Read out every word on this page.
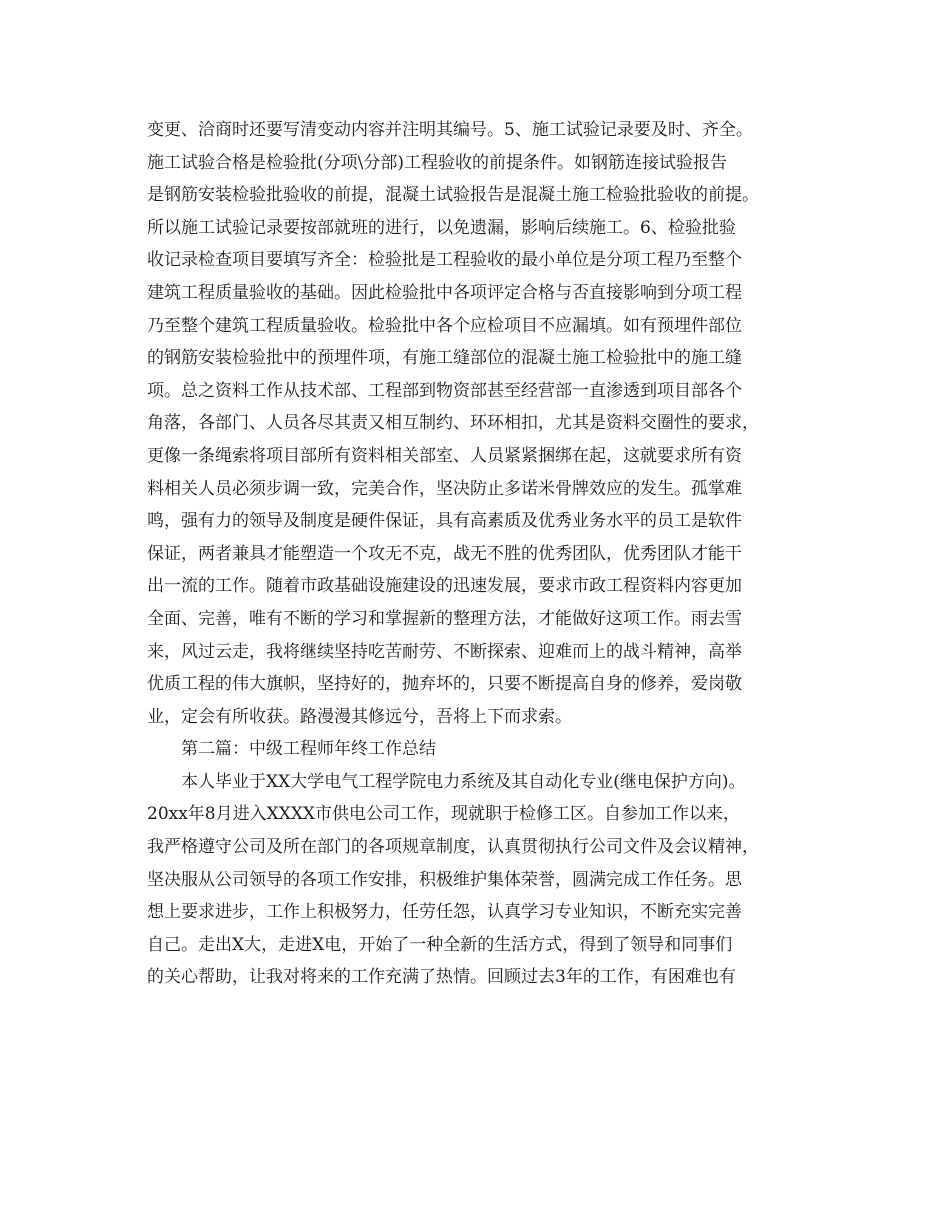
变更、洽商时还要写清变动内容并注明其编号。5、施工试验记录要及时、齐全。
施工试验合格是检验批(分项\分部)工程验收的前提条件。如钢筋连接试验报告
是钢筋安装检验批验收的前提，混凝土试验报告是混凝土施工检验批验收的前提。
所以施工试验记录要按部就班的进行，以免遗漏，影响后续施工。6、检验批验
收记录检查项目要填写齐全：检验批是工程验收的最小单位是分项工程乃至整个
建筑工程质量验收的基础。因此检验批中各项评定合格与否直接影响到分项工程
乃至整个建筑工程质量验收。检验批中各个应检项目不应漏填。如有预埋件部位
的钢筋安装检验批中的预埋件项，有施工缝部位的混凝土施工检验批中的施工缝
项。总之资料工作从技术部、工程部到物资部甚至经营部一直渗透到项目部各个
角落，各部门、人员各尽其责又相互制约、环环相扣，尤其是资料交圈性的要求，
更像一条绳索将项目部所有资料相关部室、人员紧紧捆绑在起，这就要求所有资
料相关人员必须步调一致，完美合作，坚决防止多诺米骨牌效应的发生。孤掌难
鸣，强有力的领导及制度是硬件保证，具有高素质及优秀业务水平的员工是软件
保证，两者兼具才能塑造一个攻无不克，战无不胜的优秀团队，优秀团队才能干
出一流的工作。随着市政基础设施建设的迅速发展，要求市政工程资料内容更加
全面、完善，唯有不断的学习和掌握新的整理方法，才能做好这项工作。雨去雪
来，风过云走，我将继续坚持吃苦耐劳、不断探索、迎难而上的战斗精神，高举
优质工程的伟大旗帜，坚持好的，抛弃坏的，只要不断提高自身的修养，爱岗敬
业，定会有所收获。路漫漫其修远兮，吾将上下而求索。
第二篇：中级工程师年终工作总结
本人毕业于XX大学电气工程学院电力系统及其自动化专业(继电保护方向)。
20xx年8月进入XXXX市供电公司工作，现就职于检修工区。自参加工作以来，
我严格遵守公司及所在部门的各项规章制度，认真贯彻执行公司文件及会议精神，
坚决服从公司领导的各项工作安排，积极维护集体荣誉，圆满完成工作任务。思
想上要求进步，工作上积极努力，任劳任怨，认真学习专业知识，不断充实完善
自己。走出X大，走进X电，开始了一种全新的生活方式，得到了领导和同事们
的关心帮助，让我对将来的工作充满了热情。回顾过去3年的工作，有困难也有
